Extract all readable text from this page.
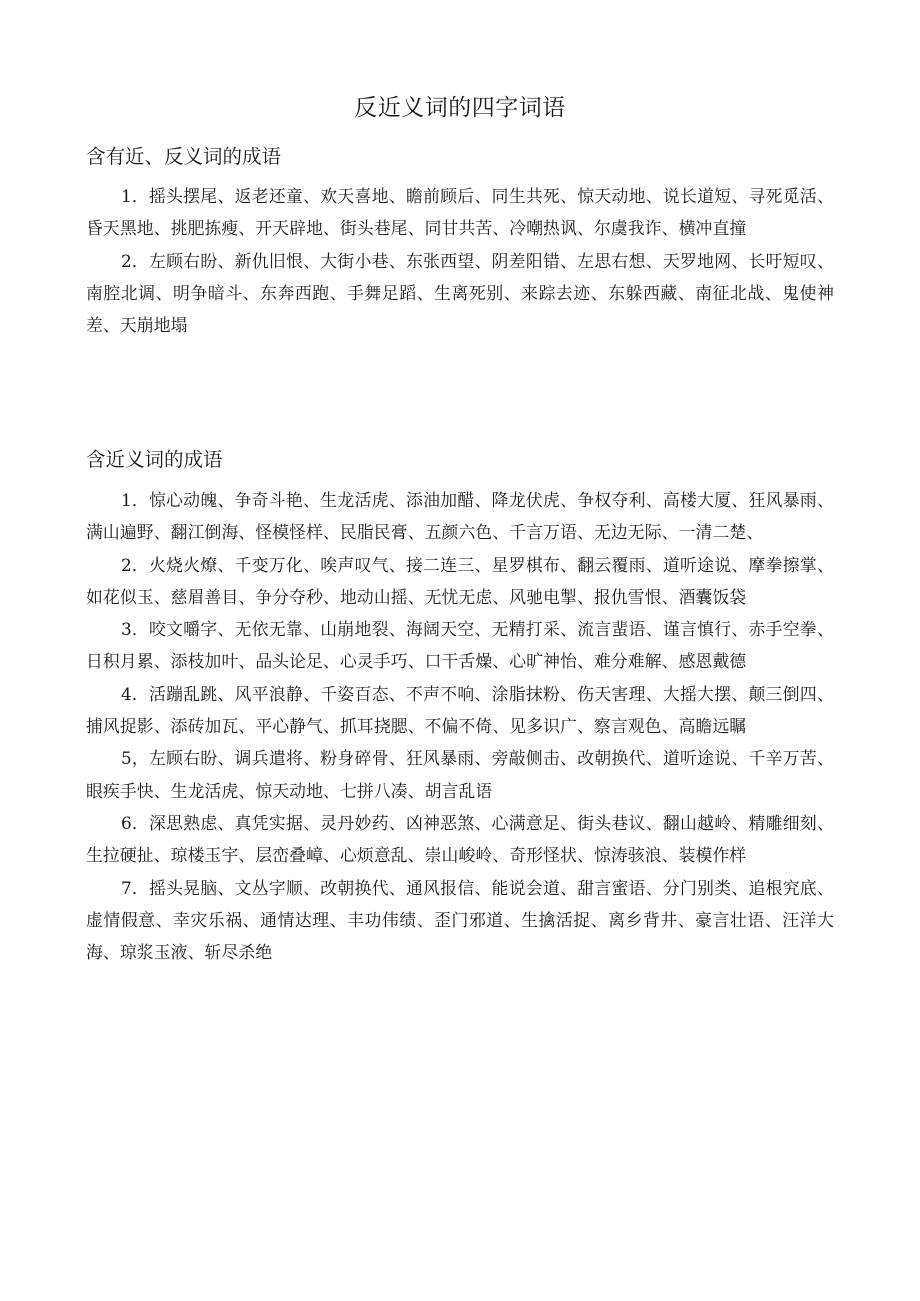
反近义词的四字词语
含有近、反义词的成语

1．摇头摆尾、返老还童、欢天喜地、瞻前顾后、同生共死、惊天动地、说长道短、寻死觅活、昏天黑地、挑肥拣瘦、开天辟地、街头巷尾、同甘共苦、冷嘲热讽、尔虞我诈、横冲直撞

2．左顾右盼、新仇旧恨、大街小巷、东张西望、阴差阳错、左思右想、天罗地网、长吁短叹、南腔北调、明争暗斗、东奔西跑、手舞足蹈、生离死别、来踪去迹、东躲西藏、南征北战、鬼使神差、天崩地塌

含近义词的成语

1．惊心动魄、争奇斗艳、生龙活虎、添油加醋、降龙伏虎、争权夺利、高楼大厦、狂风暴雨、满山遍野、翻江倒海、怪模怪样、民脂民膏、五颜六色、千言万语、无边无际、一清二楚、

2．火烧火燎、千变万化、唉声叹气、接二连三、星罗棋布、翻云覆雨、道听途说、摩拳擦掌、如花似玉、慈眉善目、争分夺秒、地动山摇、无忧无虑、风驰电掣、报仇雪恨、酒囊饭袋

3．咬文嚼字、无依无靠、山崩地裂、海阔天空、无精打采、流言蜚语、谨言慎行、赤手空拳、日积月累、添枝加叶、品头论足、心灵手巧、口干舌燥、心旷神怡、难分难解、感恩戴德

4．活蹦乱跳、风平浪静、千姿百态、不声不响、涂脂抹粉、伤天害理、大摇大摆、颠三倒四、捕风捉影、添砖加瓦、平心静气、抓耳挠腮、不偏不倚、见多识广、察言观色、高瞻远瞩

5，左顾右盼、调兵遣将、粉身碎骨、狂风暴雨、旁敲侧击、改朝换代、道听途说、千辛万苦、眼疾手快、生龙活虎、惊天动地、七拼八凑、胡言乱语

6．深思熟虑、真凭实据、灵丹妙药、凶神恶煞、心满意足、街头巷议、翻山越岭、精雕细刻、生拉硬扯、琼楼玉宇、层峦叠嶂、心烦意乱、崇山峻岭、奇形怪状、惊涛骇浪、装模作样

7．摇头晃脑、文丛字顺、改朝换代、通风报信、能说会道、甜言蜜语、分门别类、追根究底、虚情假意、幸灾乐祸、通情达理、丰功伟绩、歪门邪道、生擒活捉、离乡背井、豪言壮语、汪洋大海、琼浆玉液、斩尽杀绝
